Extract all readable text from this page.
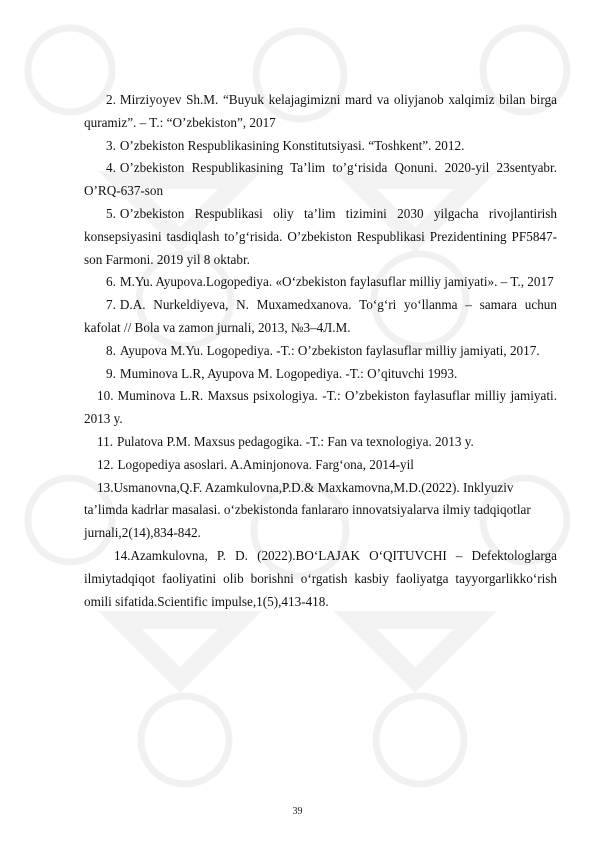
2. Mirziyoyev Sh.M. “Buyuk kelajagimizni mard va oliyjanob xalqimiz bilan birga quramiz”. – T.: “O’zbekiston”, 2017

3. O’zbekiston Respublikasining Konstitutsiyasi. “Toshkent”. 2012.

4. O’zbekiston Respublikasining Ta’lim to’g‘risida Qonuni. 2020-yil 23sentyabr. O’RQ-637-son

5. O’zbekiston Respublikasi oliy ta’lim tizimini 2030 yilgacha rivojlantirish konsepsiyasini tasdiqlash to’g‘risida. O’zbekiston Respublikasi Prezidentining PF5847-son Farmoni. 2019 yil 8 oktabr.

6. M.Yu. Ayupova.Logopediya. «O‘zbekiston faylasuflar milliy jamiyati». – T., 2017

7. D.A. Nurkeldiyeva, N. Muxamedxanova. To‘g‘ri yo‘llanma – samara uchun kafolat // Bola va zamon jurnali, 2013, №3–4Л.М.

8. Ayupova M.Yu. Logopediya. -T.: O’zbekiston faylasuflar milliy jamiyati, 2017.

9. Muminova L.R, Ayupova M. Logopediya. -T.: O’qituvchi 1993.

10. Muminova L.R. Maxsus psixologiya. -T.: O’zbekiston faylasuflar milliy jamiyati. 2013 y.

11. Pulatova P.M. Maxsus pedagogika. -T.: Fan va texnologiya. 2013 y.

12. Logopediya asoslari. A.Aminjonova. Farg‘ona, 2014-yil

13.Usmanovna,Q.F. Azamkulovna,P.D.& Maxkamovna,M.D.(2022). Inklyuziv ta’limda kadrlar masalasi. o‘zbekistonda fanlararo innovatsiyalarva ilmiy tadqiqotlar jurnali,2(14),834-842.

14.Azamkulovna, P. D. (2022).BO‘LAJAK O‘QITUVCHI – Defektologlarga ilmiytadqiqot faoliyatini olib borishni o‘rgatish kasbiy faoliyatga tayyorgarlikko‘rish omili sifatida.Scientific impulse,1(5),413-418.

39
